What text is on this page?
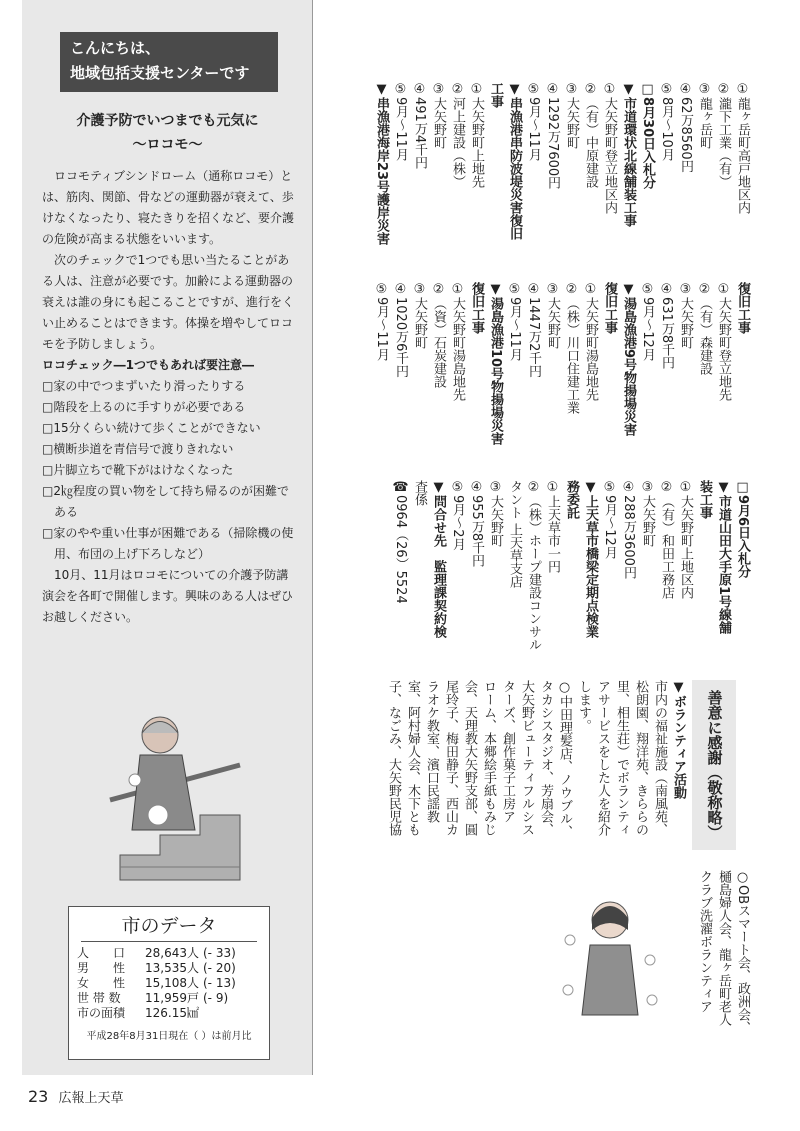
こんにちは、
地域包括支援センターです
介護予防でいつまでも元気に
～ロコモ～

ロコモティブシンドローム（通称ロコモ）とは、筋肉、関節、骨などの運動器が衰えて、歩けなくなったり、寝たきりを招くなど、要介護の危険が高まる状態をいいます。

次のチェックで1つでも思い当たることがある人は、注意が必要です。加齢による運動器の衰えは誰の身にも起こることですが、進行をくい止めることはできます。体操を増やしてロコモを予防しましょう。

ロコチェック―1つでもあれば要注意―
□家の中でつまずいたり滑ったりする
□階段を上るのに手すりが必要である
□15分くらい続けて歩くことができない
□横断歩道を青信号で渡りきれない
□片脚立ちで靴下がはけなくなった
□2㎏程度の買い物をして持ち帰るのが困難である
□家のやや重い仕事が困難である（掃除機の使用、布団の上げ下ろしなど）

10月、11月はロコモについての介護予防講演会を各町で開催します。興味のある人はぜひお越しください。

市のデータ
人　　口	28,643人 (- 33)
男　　性	13,535人 (- 20)
女　　性	15,108人 (- 13)
世 帯 数	11,959戸 (- 9)
市の面積	126.15㎢
平成28年8月31日現在（ ）は前月比
23 広報上天草
①龍ヶ岳町高戸地区内
②瀧下工業（有）
③龍ヶ岳町
④62万8560円
⑤8月～10月
□8月30日入札分
▼市道環状北線舗装工事
①大矢野町登立地区内
②（有）中原建設
③大矢野町
④1292万7600円
⑤9月～11月
▼串漁港串防波堤災害復旧
工事
①大矢野町上地先
②河上建設（株）
③大矢野町
④491万4千円
⑤9月～11月
▼串漁港海岸23号護岸災害
復旧工事
①大矢野町登立地先
②（有）森建設
③大矢野町
④631万8千円
⑤9月～12月
▼湯島漁港9号物揚場災害
復旧工事
①大矢野町湯島地先
②（株）川口住建工業
③大矢野町
④1447万2千円
⑤9月～11月
▼湯島漁港10号物揚場災害
復旧工事
①大矢野町湯島地先
②（資）石炭建設
③大矢野町
④1020万6千円
⑤9月～11月
□9月6日入札分
▼市道山田大手原1号線舗
装工事
①大矢野町上地区内
②（有）和田工務店
③大矢野町
④288万3600円
⑤9月～12月
▼上天草市橋梁定期点検業
務委託
①上天草市一円
②（株）ホープ建設コンサル
タント 上天草支店
③大矢野町
④955万8千円
⑤9月～2月
▼問合せ先　監理課契約検
査係
☎0964（26）5524
善意に感謝（敬称略）
▼ボランティア活動
市内の福祉施設（南風苑、
松朗園、翔洋苑、きららの
里、相生荘）でボランティ
アサービスをした人を紹介
します。
○中田理髪店、ノウブル、
タカシスタジオ、芳扇会、
大矢野ビューティフルシス
ターズ、創作菓子工房ア
ローム、本郷絵手紙もみじ
会、天理教大矢野支部、圓
尾玲子、梅田静子、西山カ
ラオケ教室、濱口民謡教
室、阿村婦人会、木下とも
子、なごみ、大矢野民児協
○OBスマート会、政洲会、
樋島婦人会、龍ヶ岳町老人
クラブ洗濯ボランティア
